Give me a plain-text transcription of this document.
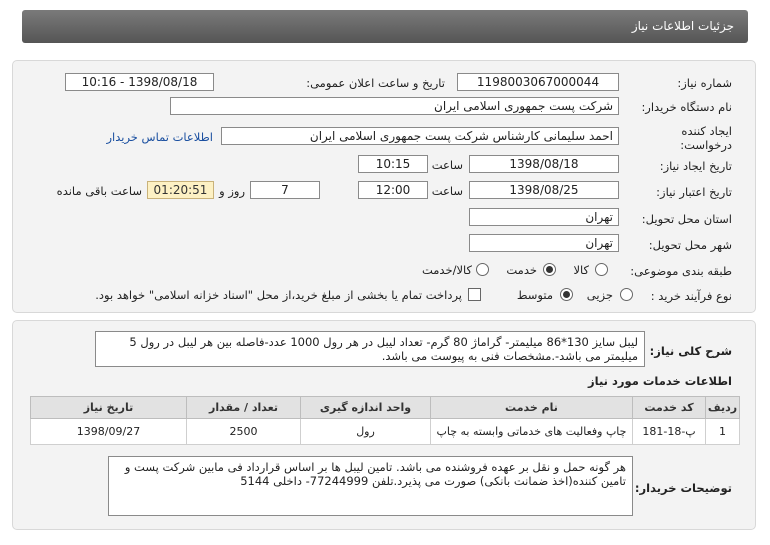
جزئیات اطلاعات نیاز
شماره نیاز:
1198003067000044
تاریخ و ساعت اعلان عمومی:
1398/08/18 - 10:16
نام دستگاه خریدار:
شرکت پست جمهوری اسلامی ایران
ایجاد کننده
درخواست:
احمد سلیمانی کارشناس شرکت پست جمهوری اسلامی ایران
اطلاعات تماس خریدار
تاریخ ایجاد نیاز:
1398/08/18
ساعت
10:15
تاریخ اعتبار نیاز:
1398/08/25
ساعت
12:00
7
روز و
01:20:51
ساعت باقی مانده
استان محل تحویل:
تهران
شهر محل تحویل:
تهران
طبقه بندی موضوعی:
کالا
خدمت
کالا/خدمت
نوع فرآیند خرید :
جزیی
متوسط
پرداخت تمام یا بخشی از مبلغ خرید،از محل "اسناد خزانه اسلامی" خواهد بود.
شرح کلی نیاز:
لیبل سایز 130*86 میلیمتر- گراماژ 80 گرم- تعداد لیبل در هر رول 1000 عدد-فاصله بین هر لیبل در رول 5 میلیمتر می باشد-.مشخصات فنی به پیوست می باشد.
اطلاعات خدمات مورد نیاز
ردیف	کد خدمت	نام خدمت	واحد اندازه گیری	تعداد / مقدار	تاریخ نیاز
1	پ-18-181	چاپ وفعالیت های خدماتی وابسته به چاپ	رول	2500	1398/09/27
توضیحات خریدار:
هر گونه حمل و نقل بر عهده فروشنده می باشد. تامین لیبل ها بر اساس قرارداد فی مابین شرکت پست و تامین کننده(اخذ ضمانت بانکی) صورت می پذیرد.تلفن 77244999- داخلی 5144
